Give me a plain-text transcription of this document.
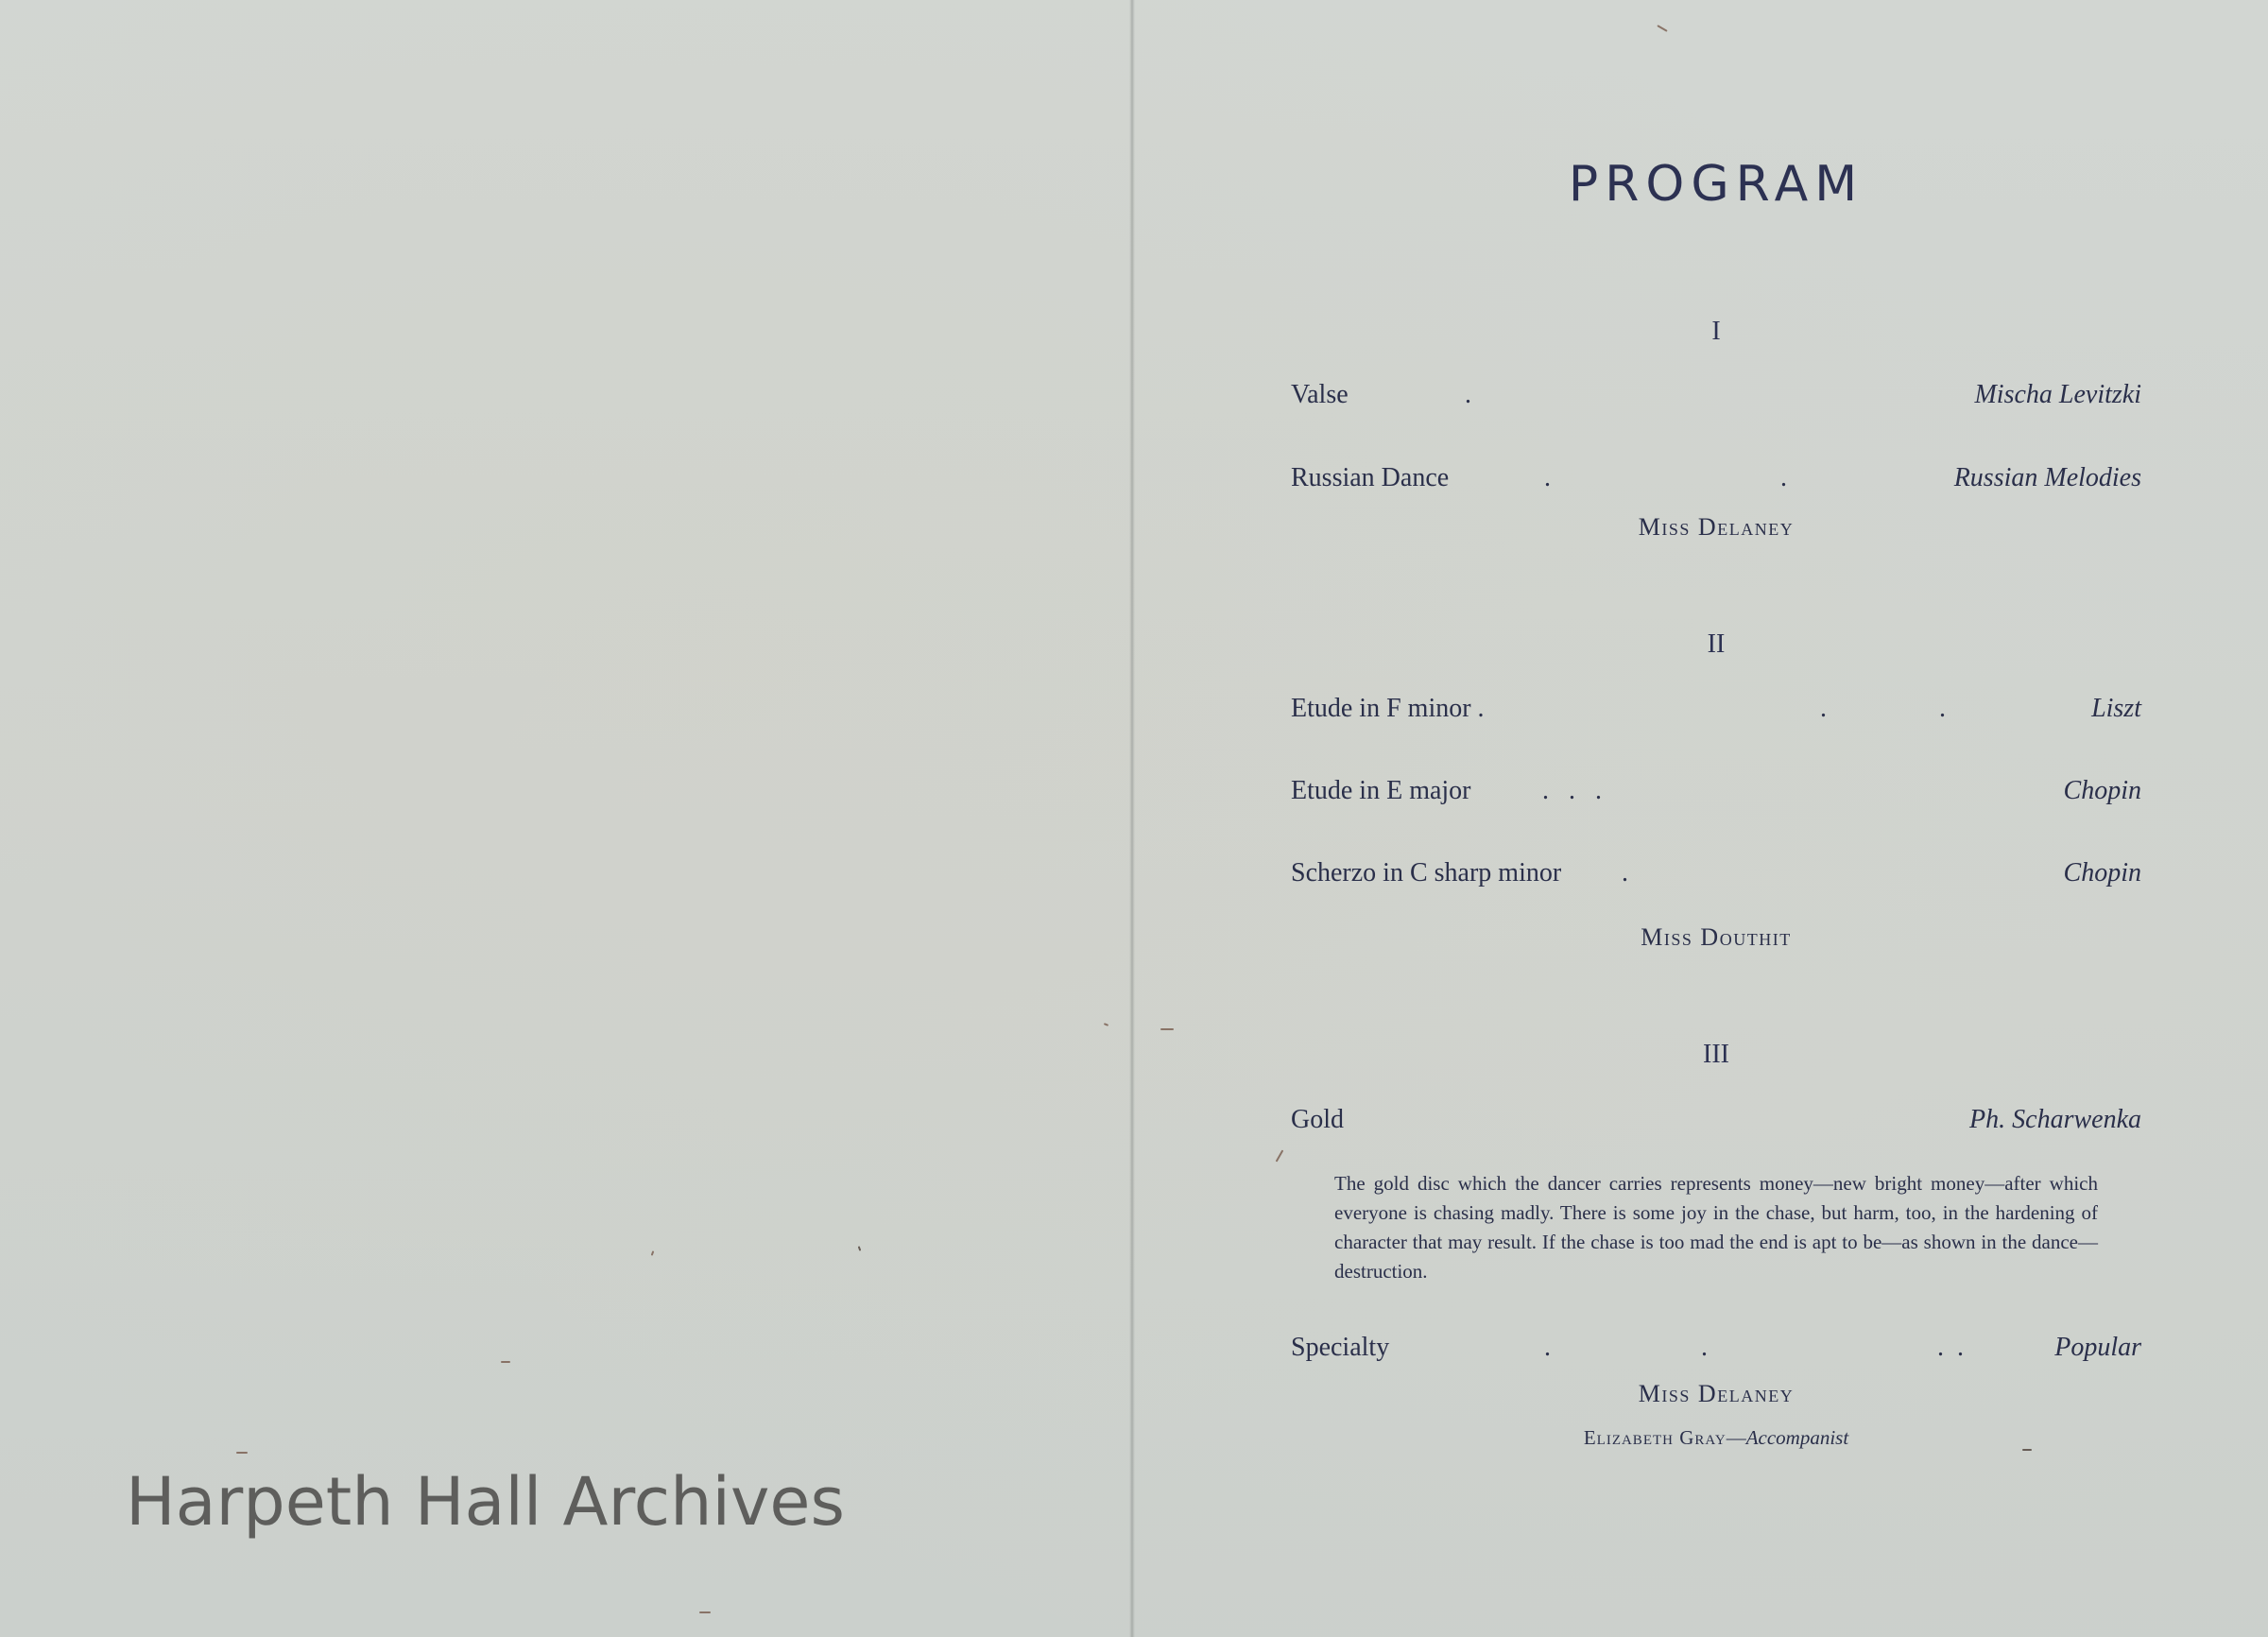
Harpeth Hall Archives
PROGRAM
I
Valse	.	Mischa Levitzki
Russian Dance	.	.	Russian Melodies
Miss Delaney
II
Etude in F minor .	.	.	Liszt
Etude in E major	.   .   .	Chopin
Scherzo in C sharp minor .	Chopin
Miss Douthit
III
Gold	Ph. Scharwenka
The gold disc which the dancer carries represents money—new bright money—after which everyone is chasing madly. There is some joy in the chase, but harm, too, in the hardening of character that may result. If the chase is too mad the end is apt to be—as shown in the dance—destruction.
Specialty	.	.	.  .	Popular
Miss Delaney
Elizabeth Gray—Accompanist
